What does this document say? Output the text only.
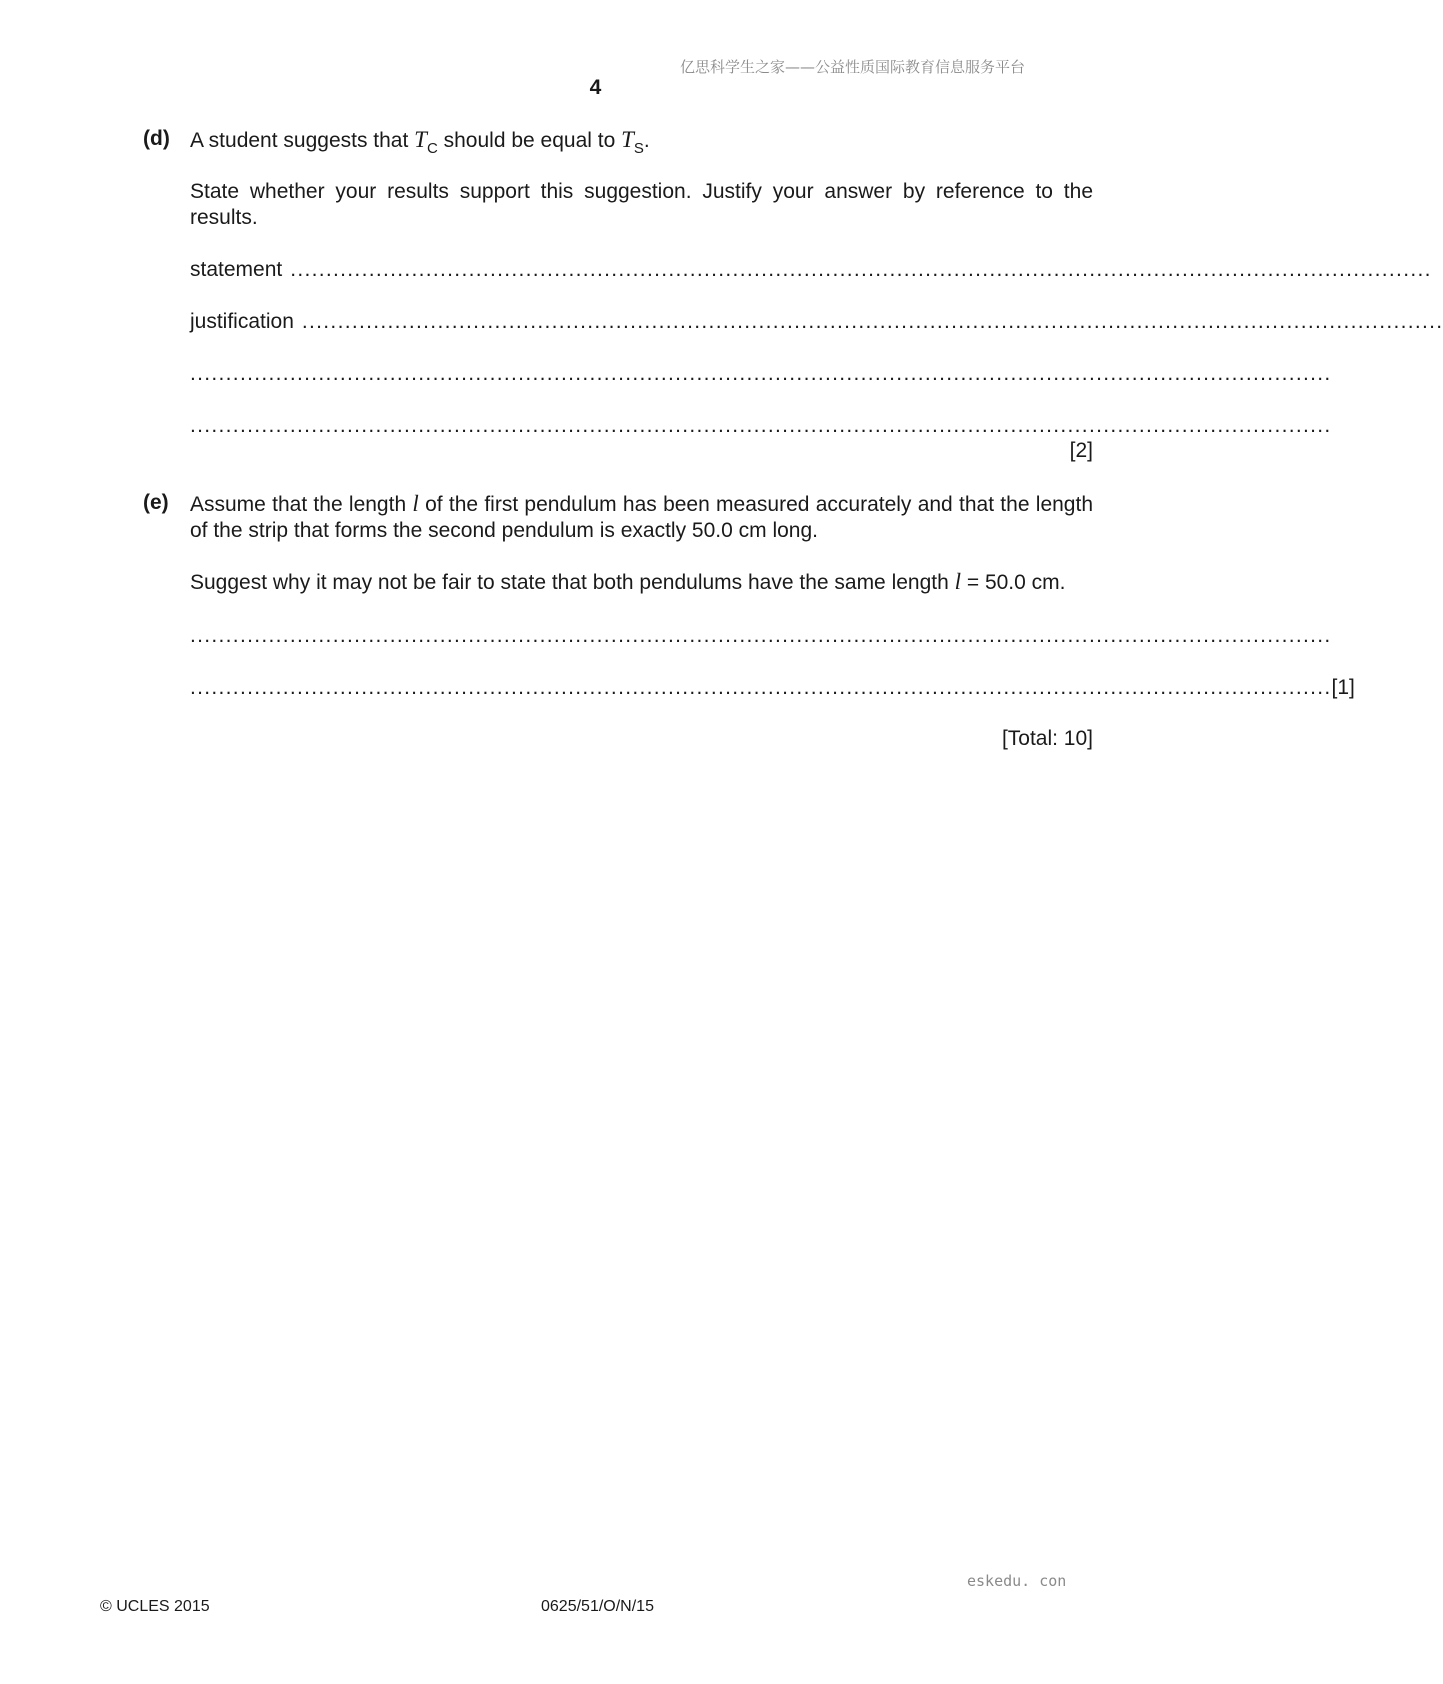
亿思科学生之家——公益性质国际教育信息服务平台
4
(d) A student suggests that $T_C$ should be equal to $T_S$.
State whether your results support this suggestion. Justify your answer by reference to the results.
statement ................................................................................................................................................................
justification ................................................................................................................................................................
................................................................................................................................................................
................................................................................................................................................................
[2]
(e) Assume that the length l of the first pendulum has been measured accurately and that the length of the strip that forms the second pendulum is exactly 50.0 cm long.
Suggest why it may not be fair to state that both pendulums have the same length l = 50.0 cm.
................................................................................................................................................................
................................................................................................................................................................ [1]
[Total: 10]
eskedu. con
© UCLES 2015	0625/51/O/N/15
